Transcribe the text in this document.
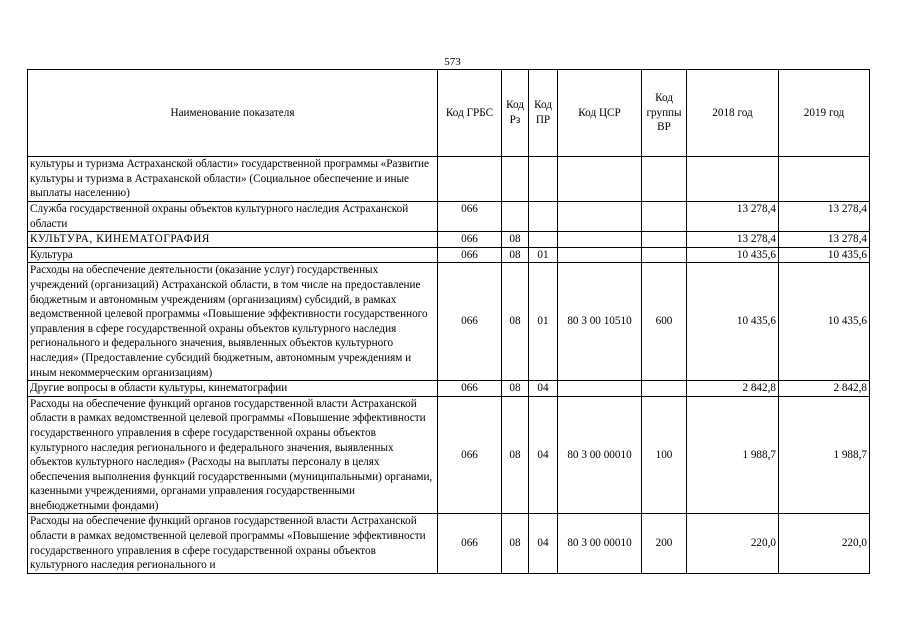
573
Наименование показателя	Код ГРБС	Код Рз	Код ПР	Код ЦСР	Код группы ВР	2018 год	2019 год
культуры и туризма Астраханской области» государственной программы «Развитие культуры и туризма в Астраханской области» (Социальное обеспечение и иные выплаты населению)							
Служба государственной охраны объектов культурного наследия Астраханской области	066					13 278,4	13 278,4
КУЛЬТУРА, КИНЕМАТОГРАФИЯ	066	08				13 278,4	13 278,4
Культура	066	08	01			10 435,6	10 435,6
Расходы на обеспечение деятельности (оказание услуг) государственных учреждений (организаций) Астраханской области, в том числе на предоставление бюджетным и автономным учреждениям (организациям) субсидий, в рамках ведомственной целевой программы «Повышение эффективности государственного управления в сфере государственной охраны объектов культурного наследия регионального и федерального значения, выявленных объектов культурного наследия» (Предоставление субсидий бюджетным, автономным учреждениям и иным некоммерческим организациям)	066	08	01	80 3 00 10510	600	10 435,6	10 435,6
Другие вопросы в области культуры, кинематографии	066	08	04			2 842,8	2 842,8
Расходы на обеспечение функций органов государственной власти Астраханской области в рамках ведомственной целевой программы «Повышение эффективности государственного управления в сфере государственной охраны объектов культурного наследия регионального и федерального значения, выявленных объектов культурного наследия» (Расходы на выплаты персоналу в целях обеспечения выполнения функций государственными (муниципальными) органами, казенными учреждениями, органами управления государственными внебюджетными фондами)	066	08	04	80 3 00 00010	100	1 988,7	1 988,7
Расходы на обеспечение функций органов государственной власти Астраханской области в рамках ведомственной целевой программы «Повышение эффективности государственного управления в сфере государственной охраны объектов культурного наследия регионального и	066	08	04	80 3 00 00010	200	220,0	220,0
